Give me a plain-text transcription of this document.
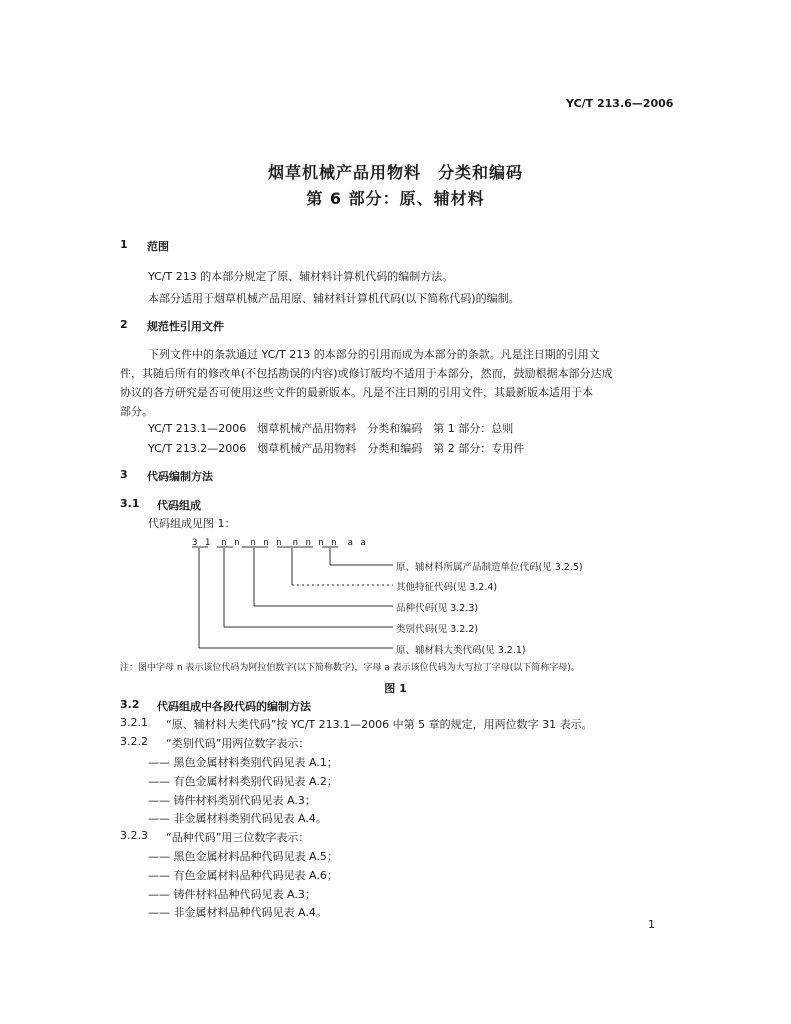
YC/T 213.6—2006
烟草机械产品用物料　分类和编码
第 6 部分：原、辅材料
1 范围
YC/T 213 的本部分规定了原、辅材料计算机代码的编制方法。
本部分适用于烟草机械产品用原、辅材料计算机代码(以下简称代码)的编制。
2 规范性引用文件
下列文件中的条款通过 YC/T 213 的本部分的引用而成为本部分的条款。凡是注日期的引用文
件，其随后所有的修改单(不包括勘误的内容)或修订版均不适用于本部分，然而，鼓励根据本部分达成
协议的各方研究是否可使用这些文件的最新版本。凡是不注日期的引用文件，其最新版本适用于本
部分。
YC/T 213.1—2006　烟草机械产品用物料　分类和编码　第 1 部分：总则
YC/T 213.2—2006　烟草机械产品用物料　分类和编码　第 2 部分：专用件
3 代码编制方法
3.1 代码组成
代码组成见图 1：
3 1　n n　n n n　n n n n　a a
原、辅材料所属产品制造单位代码(见 3.2.5)
其他特征代码(见 3.2.4)
品种代码(见 3.2.3)
类别代码(见 3.2.2)
原、辅材料大类代码(见 3.2.1)
注：图中字母 n 表示该位代码为阿拉伯数字(以下简称数字)，字母 a 表示该位代码为大写拉丁字母(以下简称字母)。
图 1
3.2 代码组成中各段代码的编制方法
3.2.1 “原、辅材料大类代码”按 YC/T 213.1—2006 中第 5 章的规定，用两位数字 31 表示。
3.2.2 “类别代码”用两位数字表示：
—— 黑色金属材料类别代码见表 A.1；
—— 有色金属材料类别代码见表 A.2；
—— 铸件材料类别代码见表 A.3；
—— 非金属材料类别代码见表 A.4。
3.2.3 “品种代码”用三位数字表示：
—— 黑色金属材料品种代码见表 A.5；
—— 有色金属材料品种代码见表 A.6；
—— 铸件材料品种代码见表 A.3；
—— 非金属材料品种代码见表 A.4。
1
